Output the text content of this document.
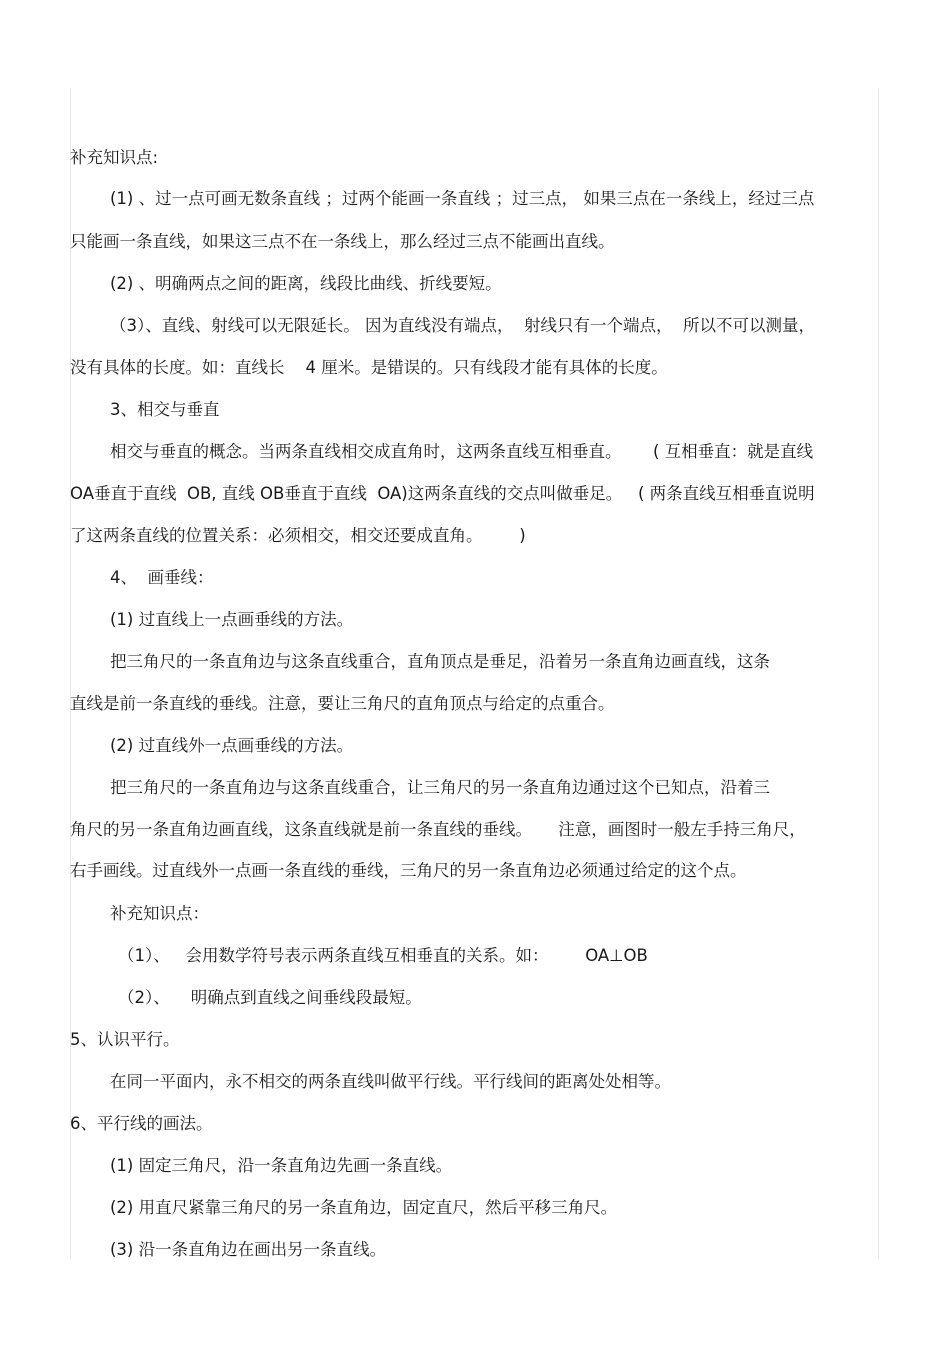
补充知识点:
(1) 、过一点可画无数条直线 ；过两个能画一条直线 ；过三点， 如果三点在一条线上，经过三点
只能画一条直线，如果这三点不在一条线上，那么经过三点不能画出直线。
(2) 、明确两点之间的距离，线段比曲线、折线要短。
（3）、直线、射线可以无限延长。 因为直线没有端点，  射线只有一个端点，  所以不可以测量，
没有具体的长度。如：直线长    4 厘米。是错误的。只有线段才能有具体的长度。
3、相交与垂直
相交与垂直的概念。当两条直线相交成直角时，这两条直线互相垂直。      ( 互相垂直：就是直线
OA垂直于直线  OB, 直线 OB垂直于直线  OA)这两条直线的交点叫做垂足。   ( 两条直线互相垂直说明
了这两条直线的位置关系：必须相交，相交还要成直角。       )
4、  画垂线：
(1) 过直线上一点画垂线的方法。
把三角尺的一条直角边与这条直线重合，直角顶点是垂足，沿着另一条直角边画直线，这条
直线是前一条直线的垂线。注意，要让三角尺的直角顶点与给定的点重合。
(2) 过直线外一点画垂线的方法。
把三角尺的一条直角边与这条直线重合，让三角尺的另一条直角边通过这个已知点，沿着三
角尺的另一条直角边画直线，这条直线就是前一条直线的垂线。     注意，画图时一般左手持三角尺，
右手画线。过直线外一点画一条直线的垂线，三角尺的另一条直角边必须通过给定的这个点。
补充知识点：
（1）、   会用数学符号表示两条直线互相垂直的关系。如：       OA⊥OB
（2）、    明确点到直线之间垂线段最短。
5、认识平行。
在同一平面内，永不相交的两条直线叫做平行线。平行线间的距离处处相等。
6、平行线的画法。
(1) 固定三角尺，沿一条直角边先画一条直线。
(2) 用直尺紧靠三角尺的另一条直角边，固定直尺，然后平移三角尺。
(3) 沿一条直角边在画出另一条直线。
